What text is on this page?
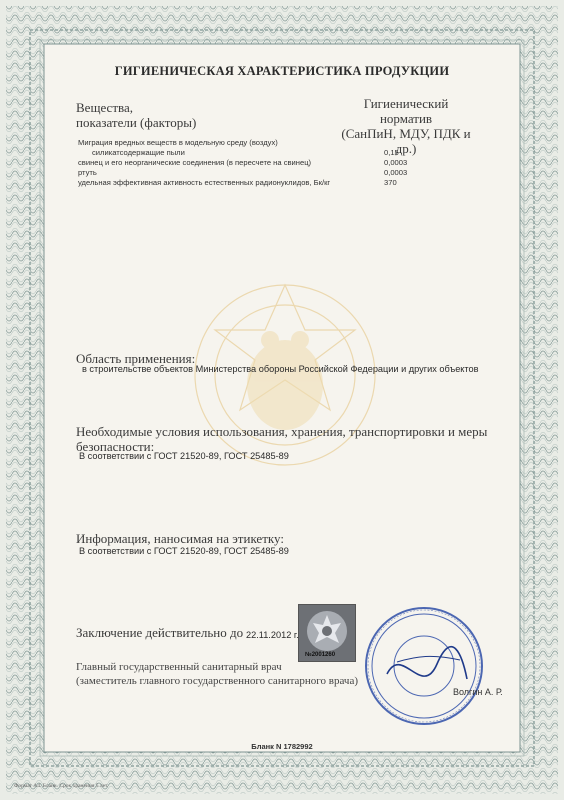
ГИГИЕНИЧЕСКАЯ ХАРАКТЕРИСТИКА ПРОДУКЦИИ
Вещества,
показатели (факторы)
Гигиенический
норматив
(СанПиН, МДУ, ПДК и др.)
Миграция вредных веществ в модельную среду (воздух)
силикатсодержащие пыли	0,15
свинец и его неорганические соединения (в пересчете на свинец)	0,0003
ртуть	0,0003
удельная эффективная активность естественных радионуклидов, Бк/кг	370
Область применения:
в строительстве объектов Министерства обороны Российской Федерации и других объектов
Необходимые условия использования, хранения, транспортировки и меры
безопасности:
В соответствии с ГОСТ 21520-89, ГОСТ 25485-89
Информация, наносимая на этикетку:
В соответствии с ГОСТ 21520-89, ГОСТ 25485-89
№2001260
Заключение действительно до 22.11.2012 г.
Главный государственный санитарный врач
(заместитель главного государственного санитарного врача)
Волгин А. Р.
Бланк N 1782992
Формат А4. Бланк. Срок хранения 5 лет.
